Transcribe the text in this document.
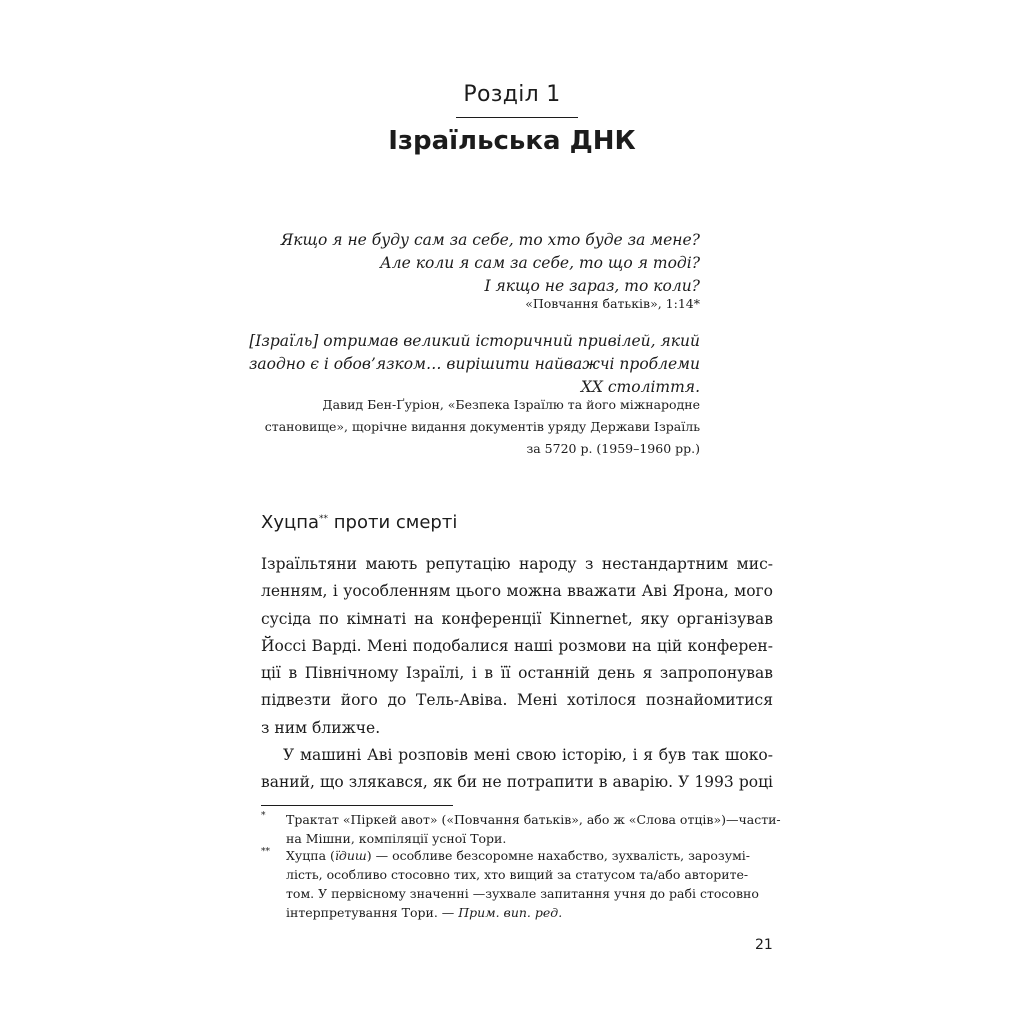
Розділ 1
Ізраїльська ДНК
Якщо я не буду сам за себе, то хто буде за мене?
Але коли я сам за себе, то що я тоді?
І якщо не зараз, то коли?
«Повчання батьків», 1:14*
[Ізраїль] отримав великий історичний привілей, який
заодно є і обов’язком… вирішити найважчі проблеми
XX століття.
Давид Бен-Ґуріон, «Безпека Ізраїлю та його міжнародне
становище», щорічне видання документів уряду Держави Ізраїль
за 5720 р. (1959–1960 рр.)
Хуцпа** проти смерті
Ізраїльтяни мають репутацію народу з нестандартним мис-
ленням, і уособленням цього можна вважати Аві Ярона, мого
сусіда по кімнаті на конференції Kinnernet, яку організував
Йоссі Варді. Мені подобалися наші розмови на цій конферен-
ції в Північному Ізраїлі, і в її останній день я запропонував
підвезти його до Тель-Авіва. Мені хотілося познайомитися
з ним ближче.
У машині Аві розповів мені свою історію, і я був так шоко-
ваний, що злякався, як би не потрапити в аварію. У 1993 році
* Трактат «Піркей авот» («Повчання батьків», або ж «Слова отців»)—части-
на Мішни, компіляції усної Тори.
** Хуцпа (їдиш) — особливе безсоромне нахабство, зухвалість, зарозумі-
лість, особливо стосовно тих, хто вищий за статусом та/або авторите-
том. У первісному значенні —зухвале запитання учня до рабі стосовно
інтерпретування Тори. — Прим. вип. ред.
21
